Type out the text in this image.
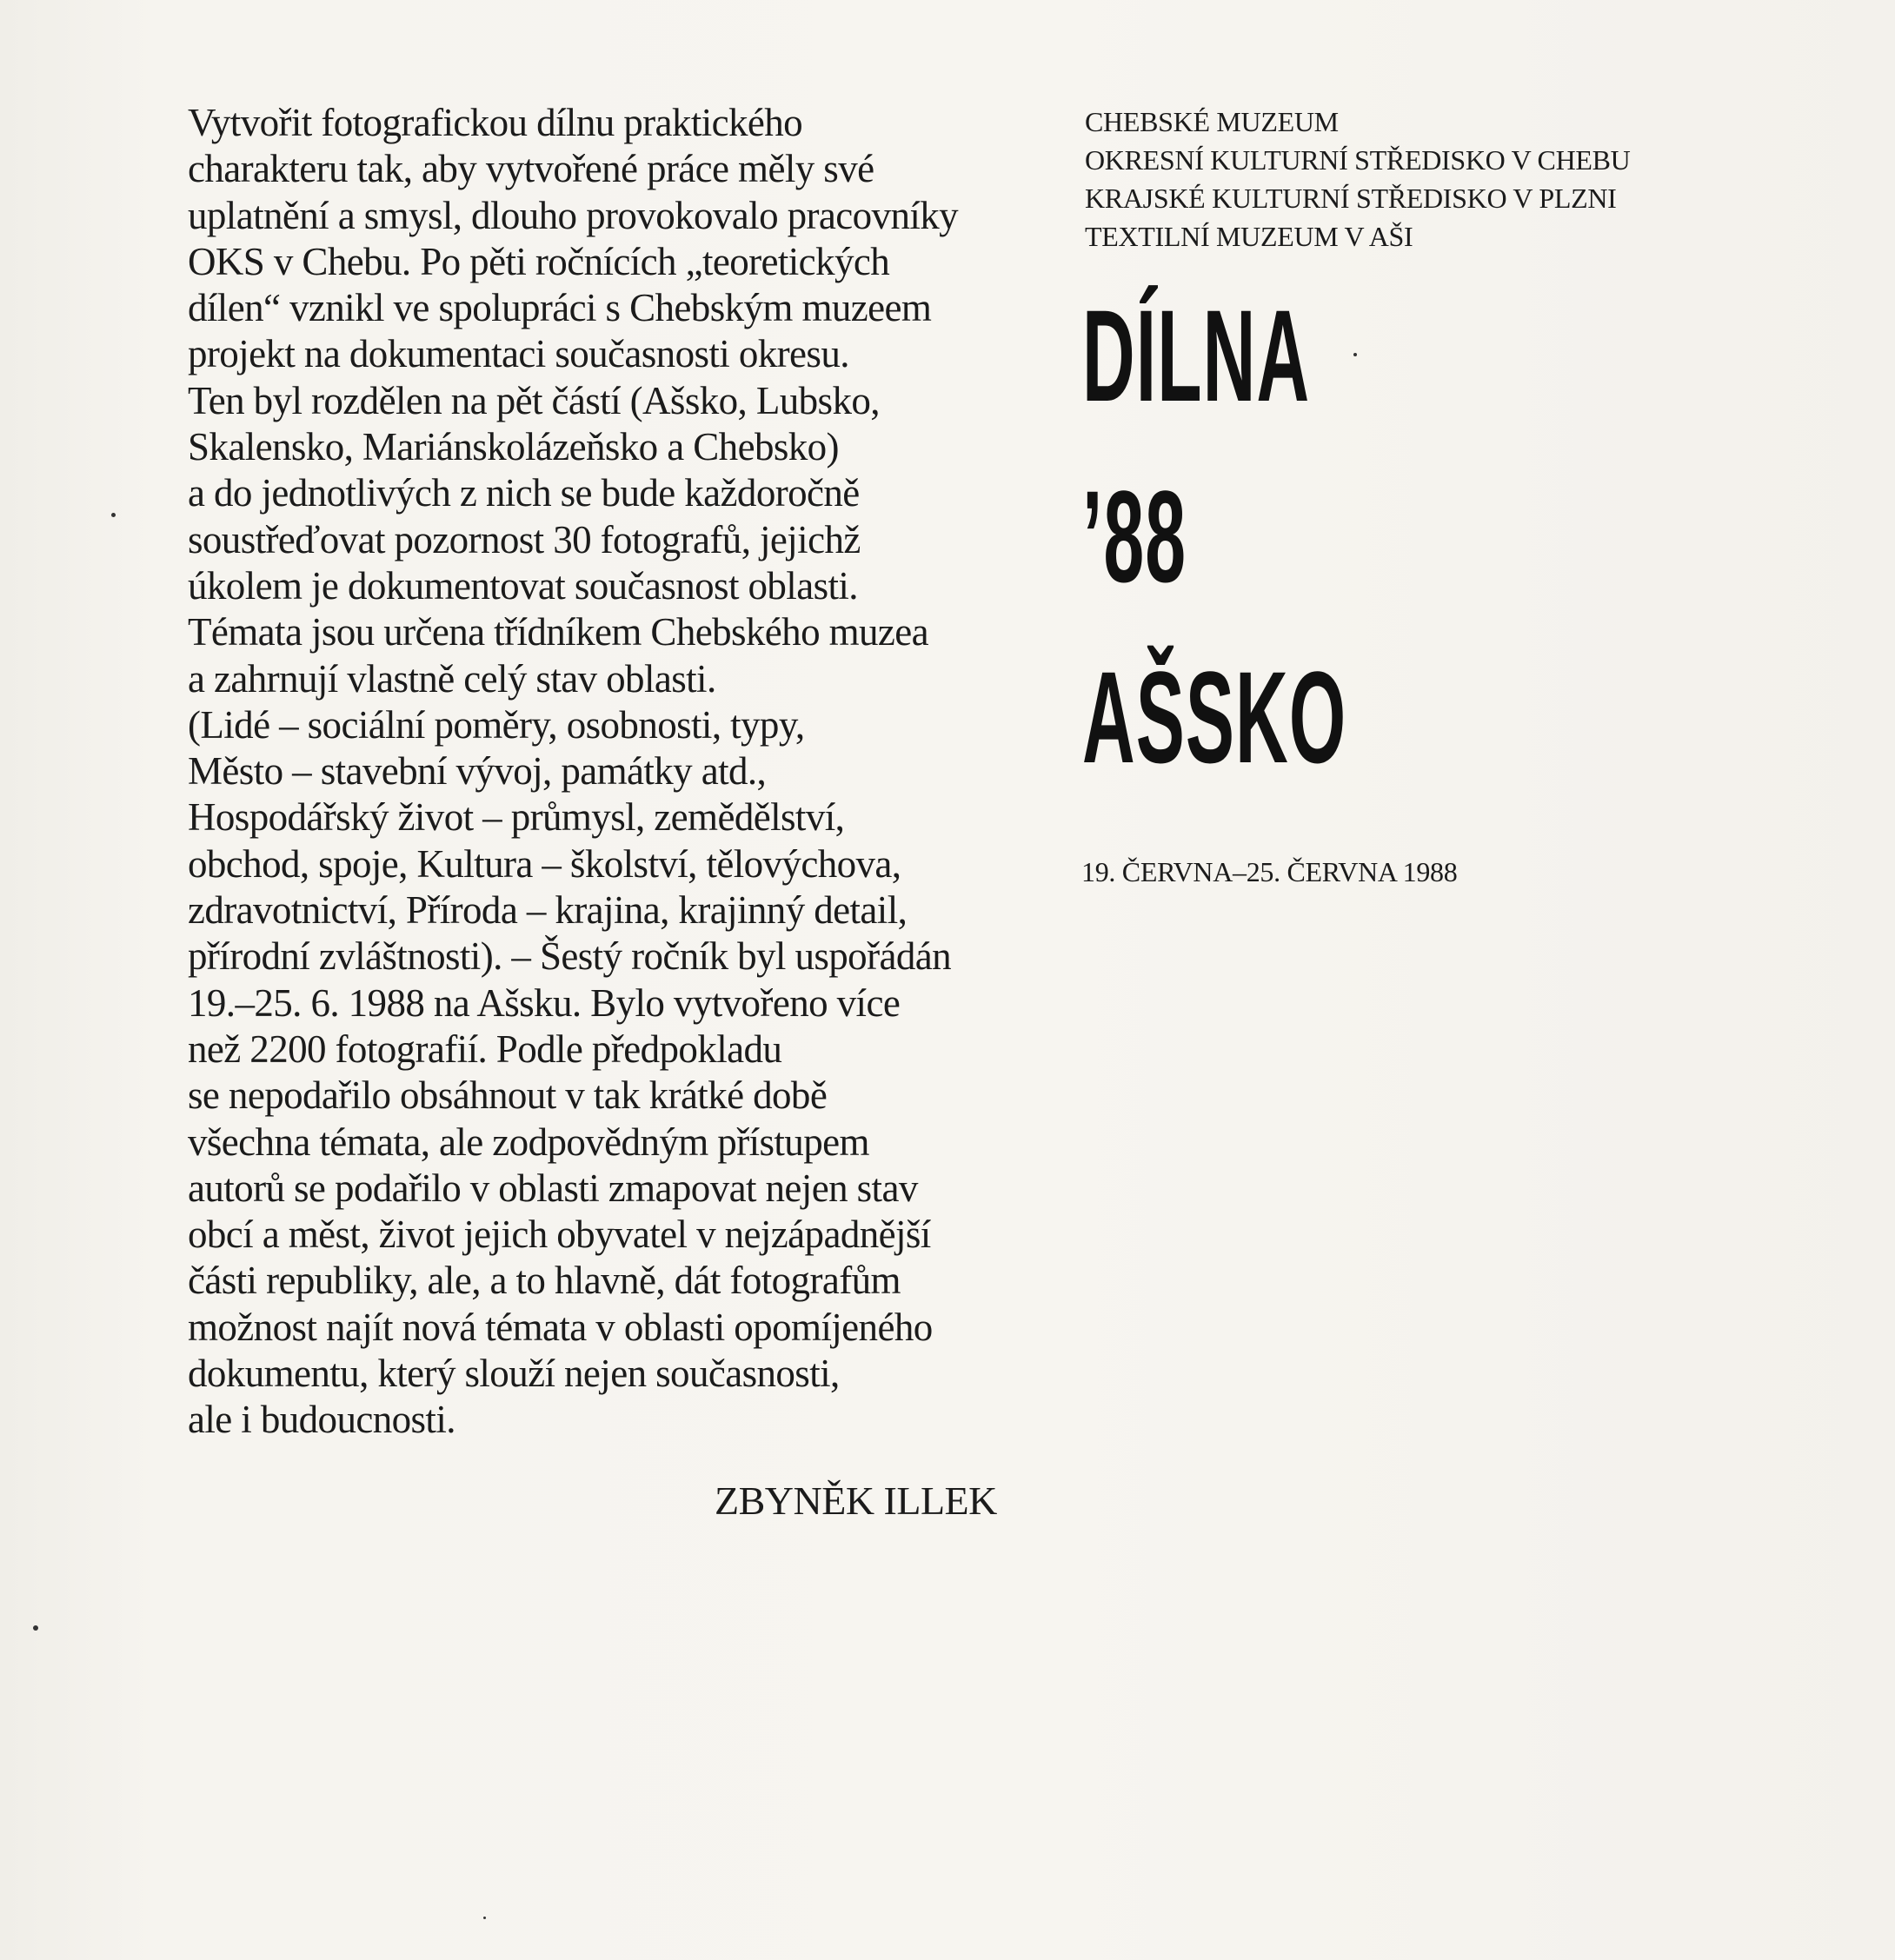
Vytvořit fotografickou dílnu praktického
charakteru tak, aby vytvořené práce měly své
uplatnění a smysl, dlouho provokovalo pracovníky
OKS v Chebu. Po pěti ročnících „teoretických
dílen“ vznikl ve spolupráci s Chebským muzeem
projekt na dokumentaci současnosti okresu.
Ten byl rozdělen na pět částí (Ašsko, Lubsko,
Skalensko, Mariánskolázeňsko a Chebsko)
a do jednotlivých z nich se bude každoročně
soustřeďovat pozornost 30 fotografů, jejichž
úkolem je dokumentovat současnost oblasti.
Témata jsou určena třídníkem Chebského muzea
a zahrnují vlastně celý stav oblasti.
(Lidé – sociální poměry, osobnosti, typy,
Město – stavební vývoj, památky atd.,
Hospodářský život – průmysl, zemědělství,
obchod, spoje, Kultura – školství, tělovýchova,
zdravotnictví, Příroda – krajina, krajinný detail,
přírodní zvláštnosti). – Šestý ročník byl uspořádán
19.–25. 6. 1988 na Ašsku. Bylo vytvořeno více
než 2200 fotografií. Podle předpokladu
se nepodařilo obsáhnout v tak krátké době
všechna témata, ale zodpovědným přístupem
autorů se podařilo v oblasti zmapovat nejen stav
obcí a měst, život jejich obyvatel v nejzápadnější
části republiky, ale, a to hlavně, dát fotografům
možnost najít nová témata v oblasti opomíjeného
dokumentu, který slouží nejen současnosti,
ale i budoucnosti.
ZBYNĚK ILLEK
CHEBSKÉ MUZEUM
OKRESNÍ KULTURNÍ STŘEDISKO V CHEBU
KRAJSKÉ KULTURNÍ STŘEDISKO V PLZNI
TEXTILNÍ MUZEUM V AŠI
DÍLNA
’88
AŠSKO
19. ČERVNA–25. ČERVNA 1988
